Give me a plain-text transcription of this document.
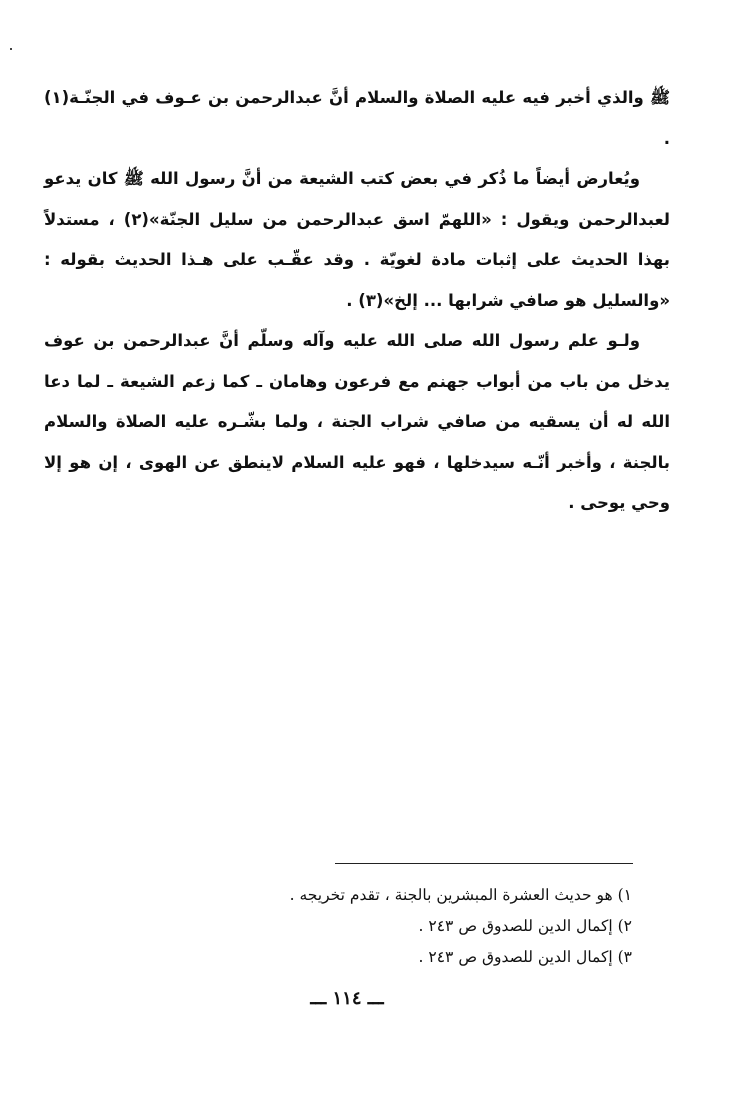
ﷺ والذي أخبر فيه عليه الصلاة والسلام أنَّ عبدالرحمن بن عـوف في الجنّـة(١) .

ويُعارض أيضاً ما ذُكر في بعض كتب الشيعة من أنَّ رسول الله ﷺ كان يدعو لعبدالرحمن ويقول : «اللهمّ اسق عبدالرحمن من سليل الجنّة»(٢) ، مستدلاً بهذا الحديث على إثبات مادة لغويّة . وقد عقّـب على هـذا الحديث بقوله : «والسليل هو صافي شرابها ... إلخ»(٣) .

ولـو علم رسول الله صلى الله عليه وآله وسلّم أنَّ عبدالرحمن بن عوف يدخل من باب من أبواب جهنم مع فرعون وهامان ـ كما زعم الشيعة ـ لما دعا الله له أن يسقيه من صافي شراب الجنة ، ولما بشّـره عليه الصلاة والسلام بالجنة ، وأخبر أنّـه سيدخلها ، فهو عليه السلام لاينطق عن الهوى ، إن هو إلا وحي يوحى .

١) هو حديث العشرة المبشرين بالجنة ، تقدم تخريجه .
٢) إكمال الدين للصدوق ص ٢٤٣ .
٣) إكمال الدين للصدوق ص ٢٤٣ .
ـــ ١١٤ ـــ
